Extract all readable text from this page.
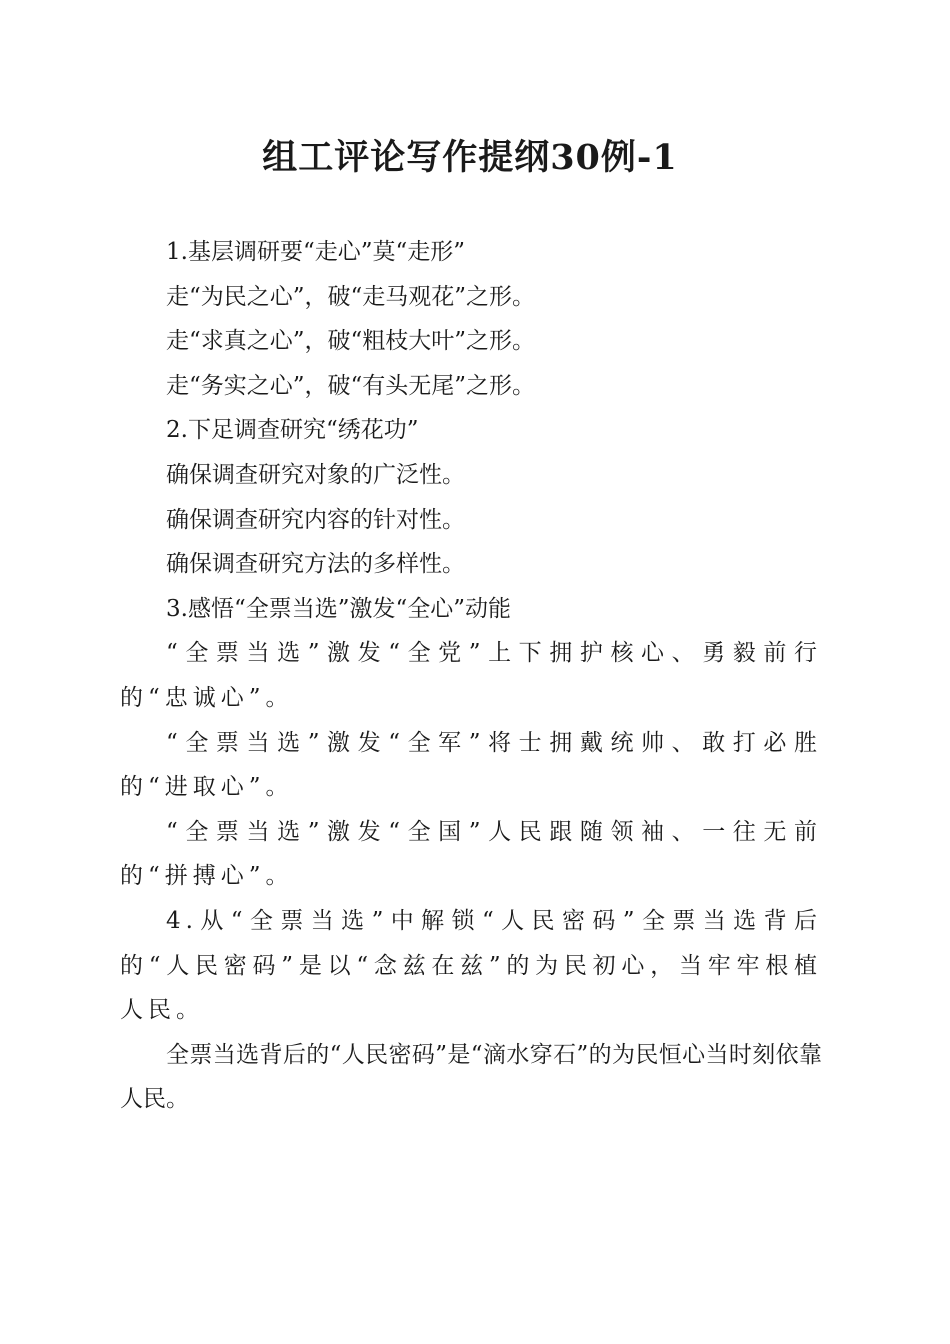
组工评论写作提纲30例-1

1.基层调研要“走心”莫“走形”

走“为民之心”，破“走马观花”之形。

走“求真之心”，破“粗枝大叶”之形。

走“务实之心”，破“有头无尾”之形。

2.下足调查研究“绣花功”

确保调查研究对象的广泛性。

确保调查研究内容的针对性。

确保调查研究方法的多样性。

3.感悟“全票当选”激发“全心”动能

“全票当选”激发“全党”上下拥护核心、勇毅前行的“忠诚心”。

“全票当选”激发“全军”将士拥戴统帅、敢打必胜的“进取心”。

“全票当选”激发“全国”人民跟随领袖、一往无前的“拼搏心”。

4.从“全票当选”中解锁“人民密码”全票当选背后的“人民密码”是以“念兹在兹”的为民初心，当牢牢根植人民。

全票当选背后的“人民密码”是“滴水穿石”的为民恒心当时刻依靠人民。
